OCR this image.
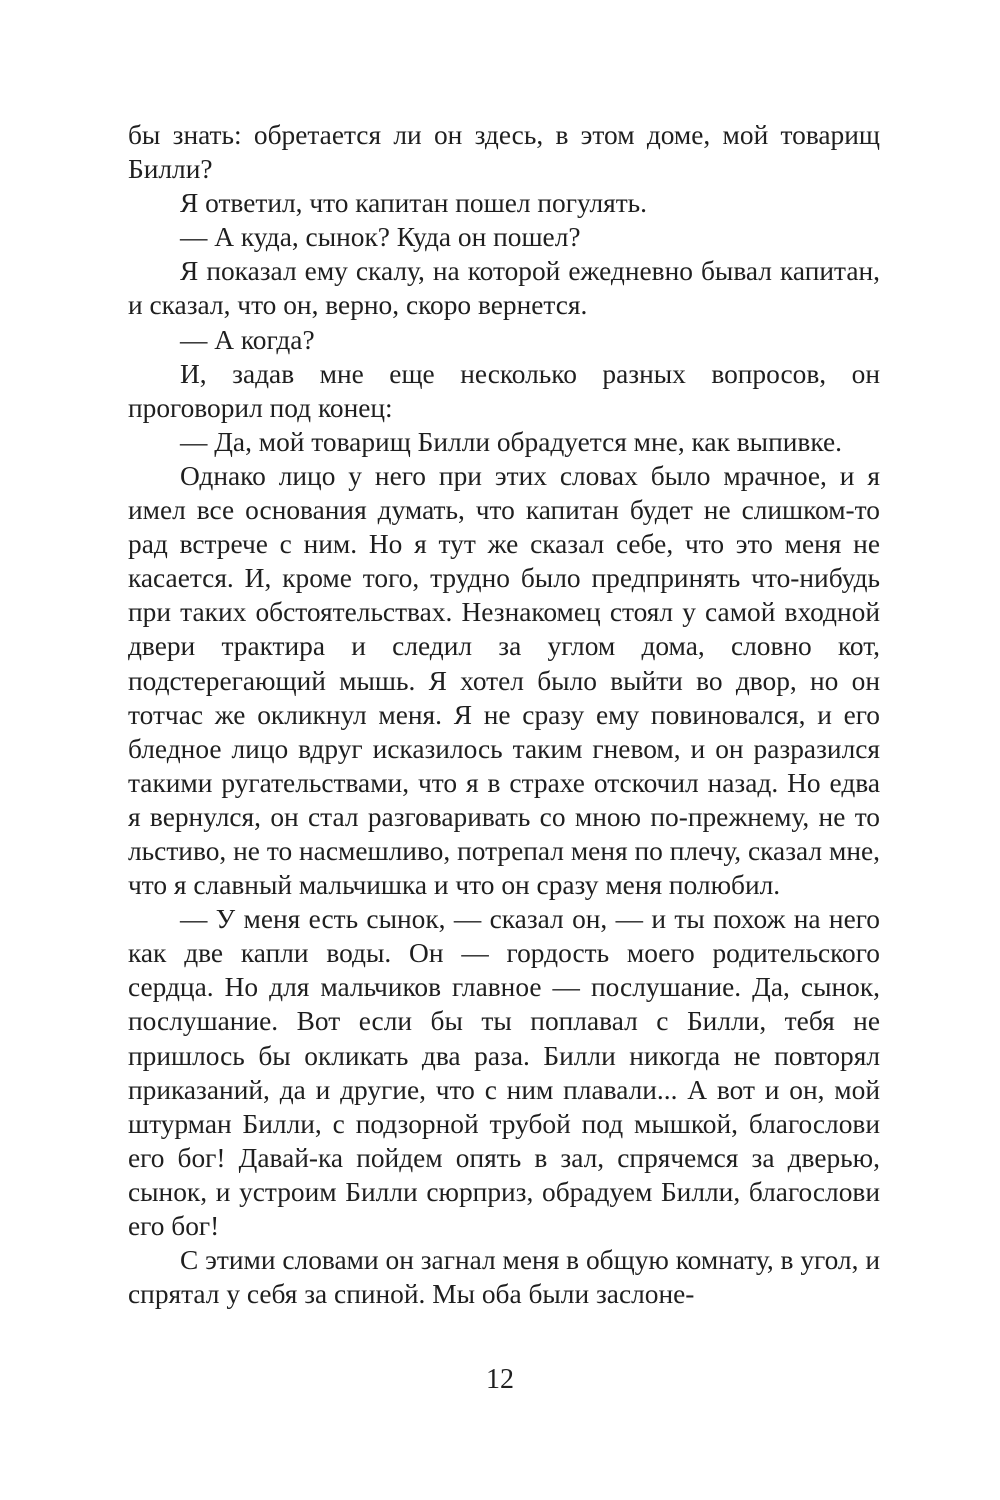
бы знать: обретается ли он здесь, в этом доме, мой товарищ Билли?

Я ответил, что капитан пошел погулять.

— А куда, сынок? Куда он пошел?

Я показал ему скалу, на которой ежедневно бывал капитан, и сказал, что он, верно, скоро вернется.

— А когда?

И, задав мне еще несколько разных вопросов, он проговорил под конец:

— Да, мой товарищ Билли обрадуется мне, как выпивке.

Однако лицо у него при этих словах было мрачное, и я имел все основания думать, что капитан будет не слишком-то рад встрече с ним. Но я тут же сказал себе, что это меня не касается. И, кроме того, трудно было предпринять что-нибудь при таких обстоятельствах. Незнакомец стоял у самой входной двери трактира и следил за углом дома, словно кот, подстерегающий мышь. Я хотел было выйти во двор, но он тотчас же окликнул меня. Я не сразу ему повиновался, и его бледное лицо вдруг исказилось таким гневом, и он разразился такими ругательствами, что я в страхе отскочил назад. Но едва я вернулся, он стал разговаривать со мною по-прежнему, не то льстиво, не то насмешливо, потрепал меня по плечу, сказал мне, что я славный мальчишка и что он сразу меня полюбил.

— У меня есть сынок, — сказал он, — и ты похож на него как две капли воды. Он — гордость моего родительского сердца. Но для мальчиков главное — послушание. Да, сынок, послушание. Вот если бы ты поплавал с Билли, тебя не пришлось бы окликать два раза. Билли никогда не повторял приказаний, да и другие, что с ним плавали... А вот и он, мой штурман Билли, с подзорной трубой под мышкой, благослови его бог! Давай-ка пойдем опять в зал, спрячемся за дверью, сынок, и устроим Билли сюрприз, обрадуем Билли, благослови его бог!

С этими словами он загнал меня в общую комнату, в угол, и спрятал у себя за спиной. Мы оба были заслоне-

12
